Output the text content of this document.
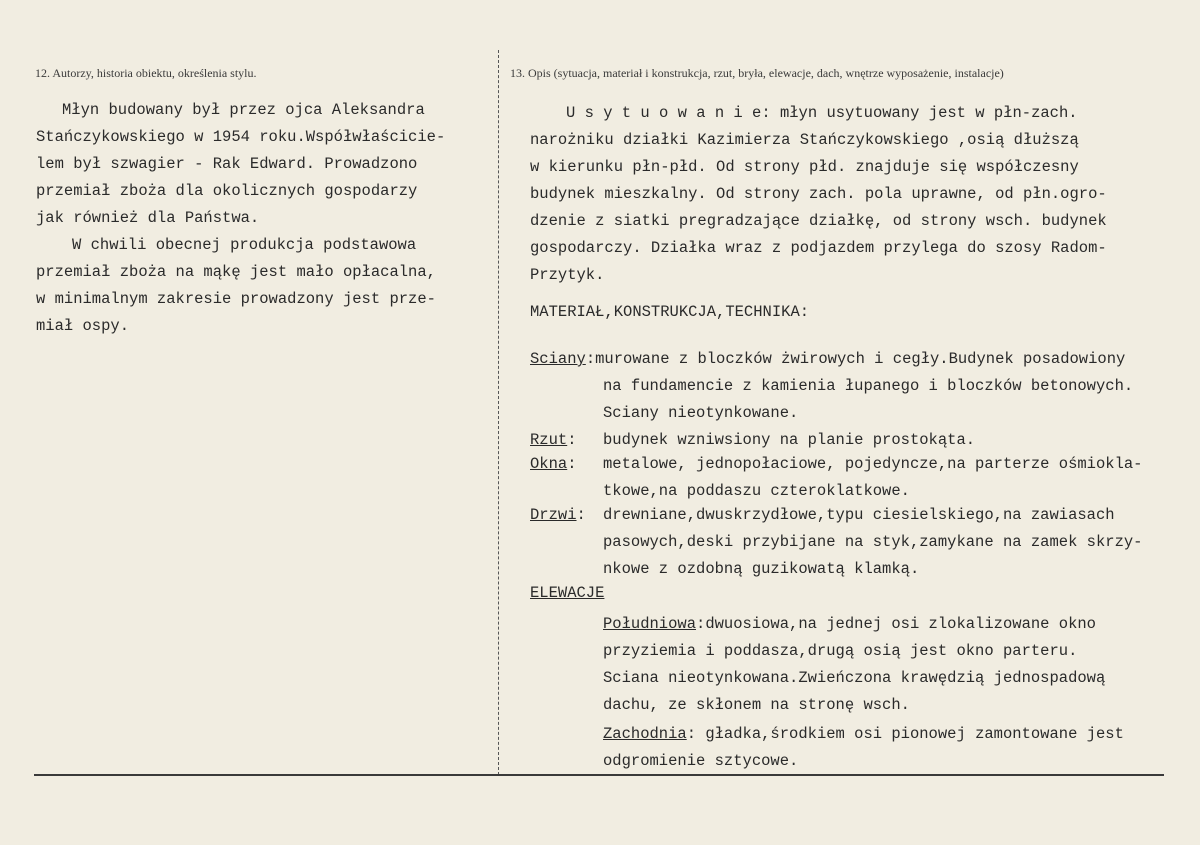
12. Autorzy, historia obiektu, określenia stylu.
Młyn budowany był przez ojca Aleksandra
Stańczykowskiego w 1954 roku.Współwłaścicie-
lem był szwagier - Rak Edward. Prowadzono
przemiał zboża dla okolicznych gospodarzy
jak również dla Państwa.
W chwili obecnej produkcja podstawowa
przemiał zboża na mąkę jest mało opłacalna,
w minimalnym zakresie prowadzony jest prze-
miał ospy.
13. Opis (sytuacja, materiał i konstrukcja, rzut, bryła, elewacje, dach, wnętrze wyposażenie, instalacje)
U s y t u o w a n i e: młyn usytuowany jest w płn-zach.
narożniku działki Kazimierza Stańczykowskiego ,osią dłuższą
w kierunku płn-płd. Od strony płd. znajduje się współczesny
budynek mieszkalny. Od strony zach. pola uprawne, od płn.ogro-
dzenie z siatki pregradzające działkę, od strony wsch. budynek
gospodarczy. Działka wraz z podjazdem przylega do szosy Radom-
Przytyk.
MATERIAŁ,KONSTRUKCJA,TECHNIKA:
Sciany:murowane z bloczków żwirowych i cegły.Budynek posadowiony
na fundamencie z kamienia łupanego i bloczków betonowych.
Sciany nieotynkowane.
Rzut: budynek wzniwsiony na planie prostokąta.
Okna: metalowe, jednopołaciowe, pojedyncze,na parterze ośmiokla-
tkowe,na poddaszu czteroklatkowe.
Drzwi: drewniane,dwuskrzydłowe,typu ciesielskiego,na zawiasach
pasowych,deski przybijane na styk,zamykane na zamek skrzy-
nkowe z ozdobną guzikowatą klamką.
ELEWACJE
Południowa:dwuosiowa,na jednej osi zlokalizowane okno
przyziemia i poddasza,drugą osią jest okno parteru.
Sciana nieotynkowana.Zwieńczona krawędzią jednospadową
dachu, ze skłonem na stronę wsch.
Zachodnia: gładka,środkiem osi pionowej zamontowane jest
odgromienie sztycowe.
